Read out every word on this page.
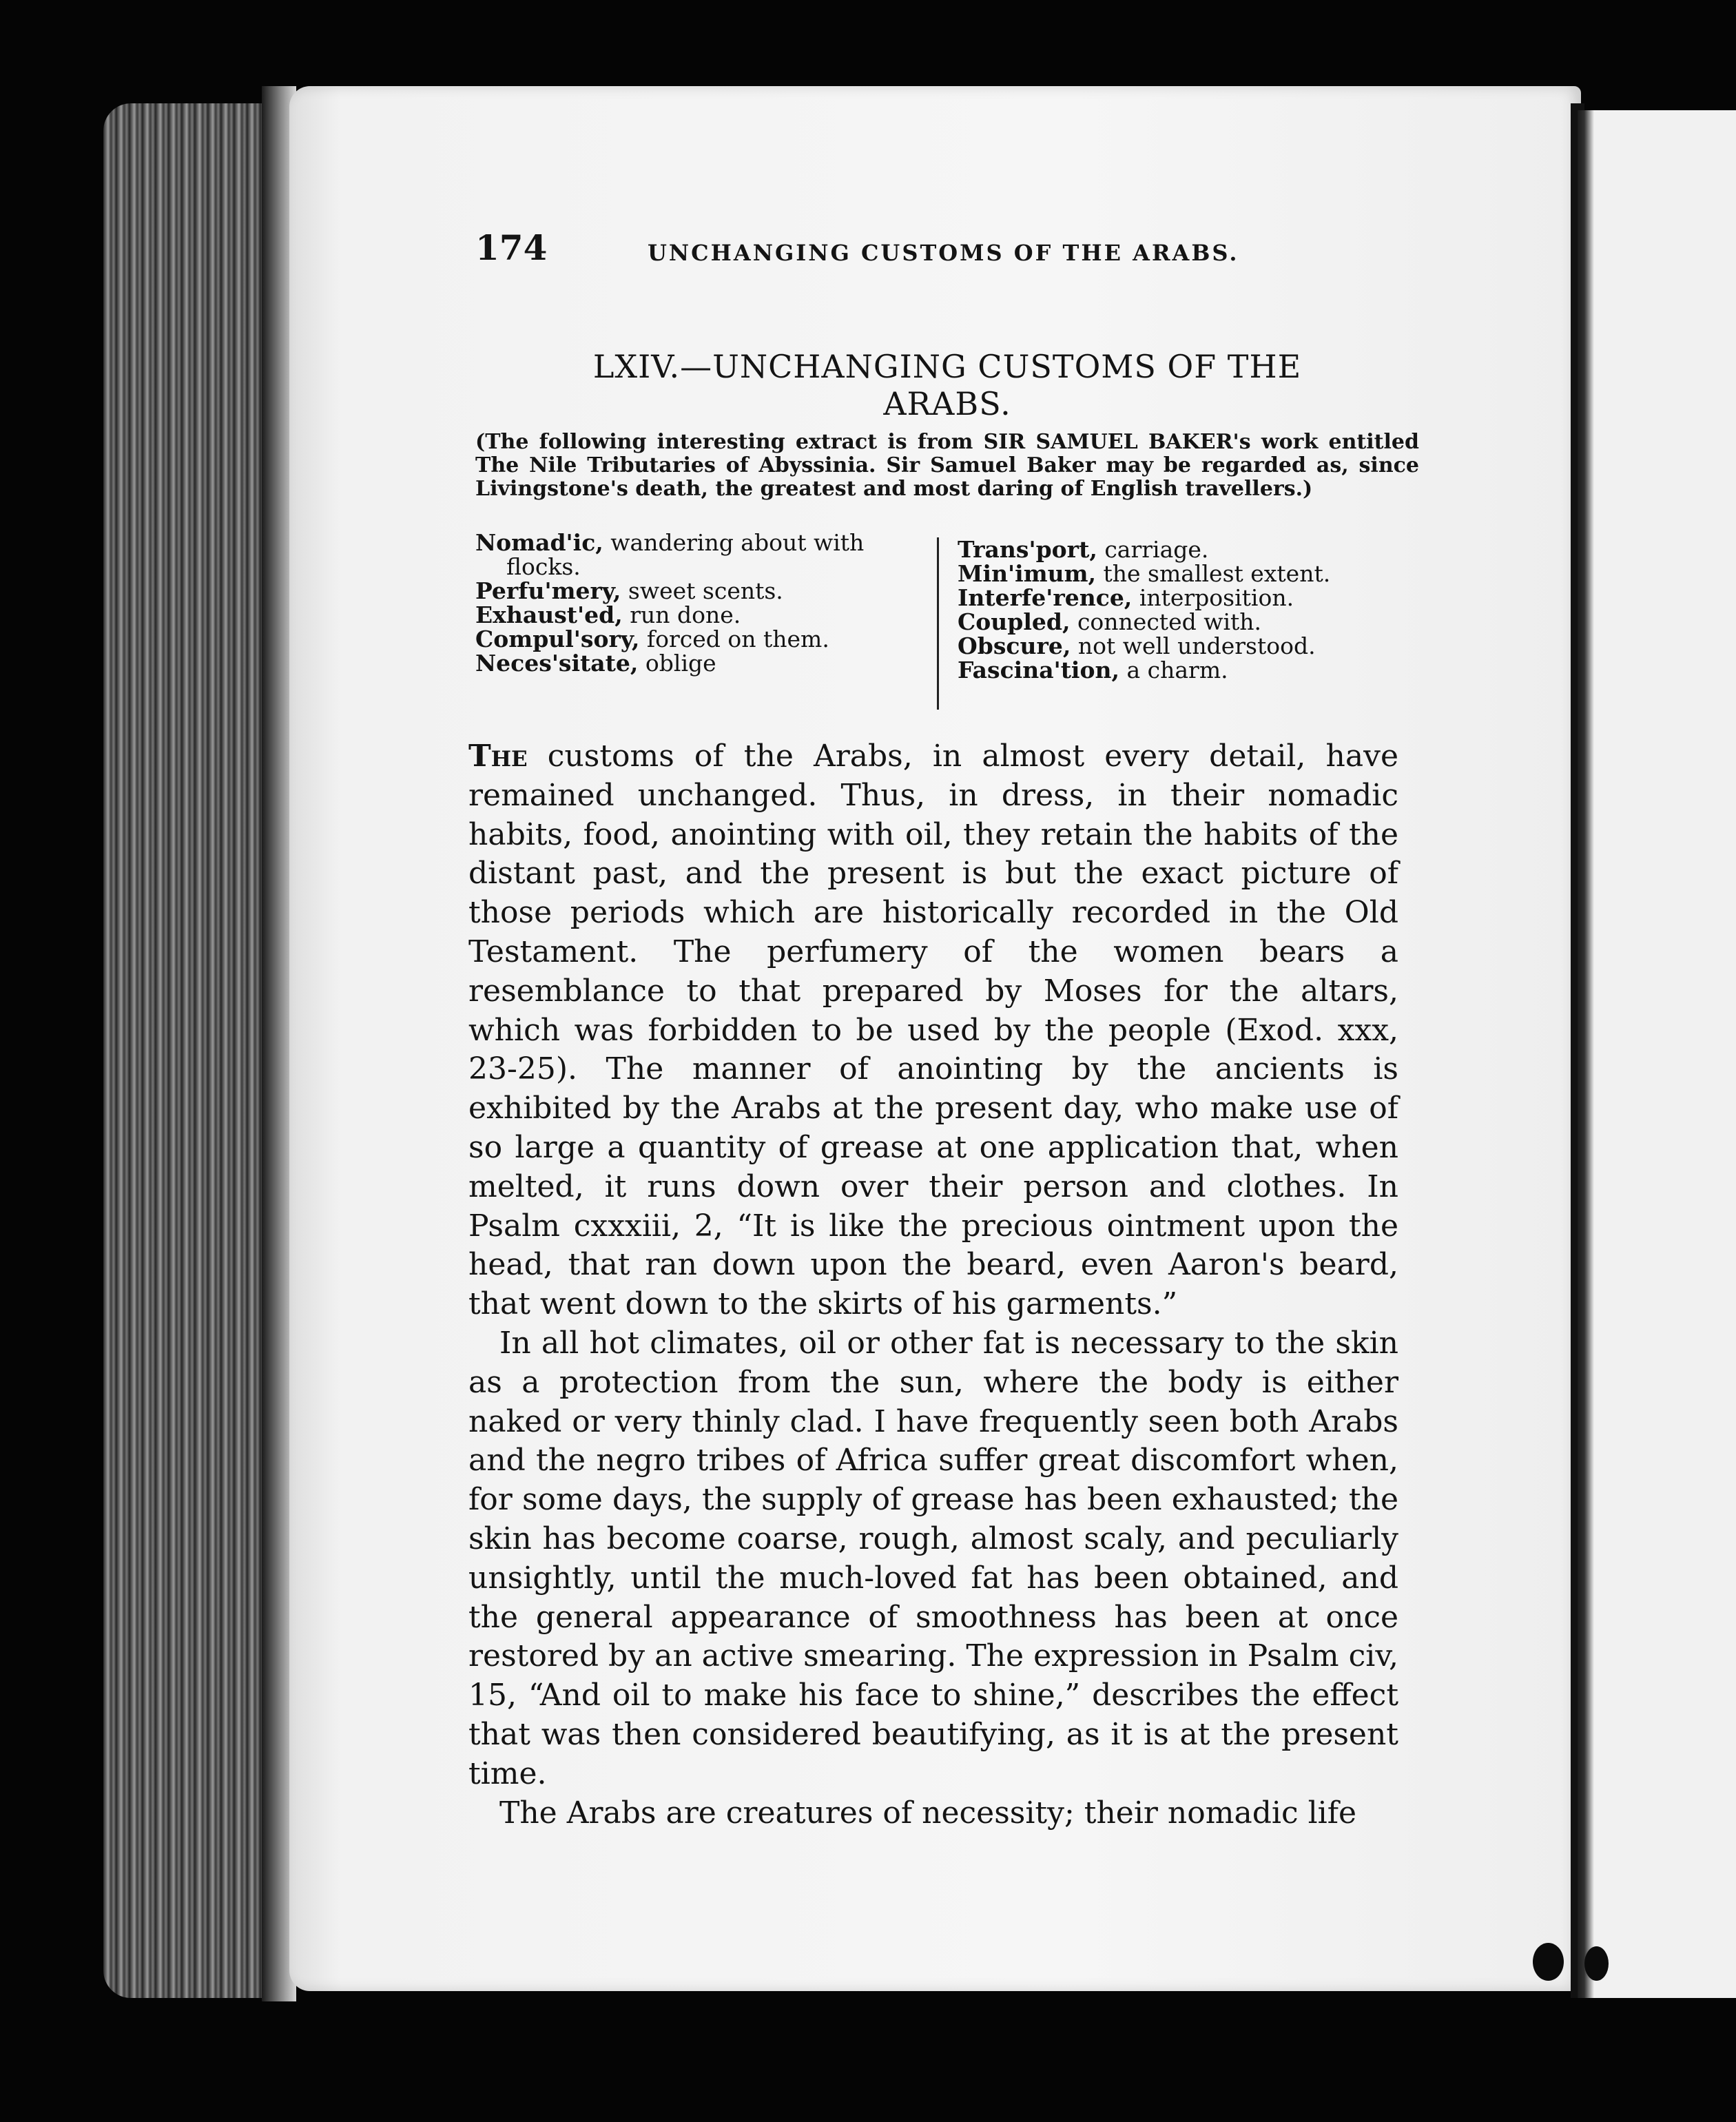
174	UNCHANGING CUSTOMS OF THE ARABS.
LXIV.—UNCHANGING CUSTOMS OF THE ARABS.
(The following interesting extract is from SIR SAMUEL BAKER's work entitled The Nile Tributaries of Abyssinia. Sir Samuel Baker may be regarded as, since Livingstone's death, the greatest and most daring of English travellers.)
Nomad'ic, wandering about with
flocks.
Perfu'mery, sweet scents.
Exhaust'ed, run done.
Compul'sory, forced on them.
Neces'sitate, oblige
Trans'port, carriage.
Min'imum, the smallest extent.
Interfe'rence, interposition.
Coupled, connected with.
Obscure, not well understood.
Fascina'tion, a charm.

The customs of the Arabs, in almost every detail, have remained unchanged. Thus, in dress, in their nomadic habits, food, anointing with oil, they retain the habits of the distant past, and the present is but the exact picture of those periods which are historically recorded in the Old Testament. The perfumery of the women bears a resemblance to that prepared by Moses for the altars, which was forbidden to be used by the people (Exod. xxx, 23-25). The manner of anointing by the ancients is exhibited by the Arabs at the present day, who make use of so large a quantity of grease at one application that, when melted, it runs down over their person and clothes. In Psalm cxxxiii, 2, “It is like the precious ointment upon the head, that ran down upon the beard, even Aaron's beard, that went down to the skirts of his garments.”

In all hot climates, oil or other fat is necessary to the skin as a protection from the sun, where the body is either naked or very thinly clad. I have frequently seen both Arabs and the negro tribes of Africa suffer great discomfort when, for some days, the supply of grease has been exhausted; the skin has become coarse, rough, almost scaly, and peculiarly unsightly, until the much-loved fat has been obtained, and the general appearance of smoothness has been at once restored by an active smearing. The expression in Psalm civ, 15, “And oil to make his face to shine,” describes the effect that was then considered beautifying, as it is at the present time.

The Arabs are creatures of necessity; their nomadic life
